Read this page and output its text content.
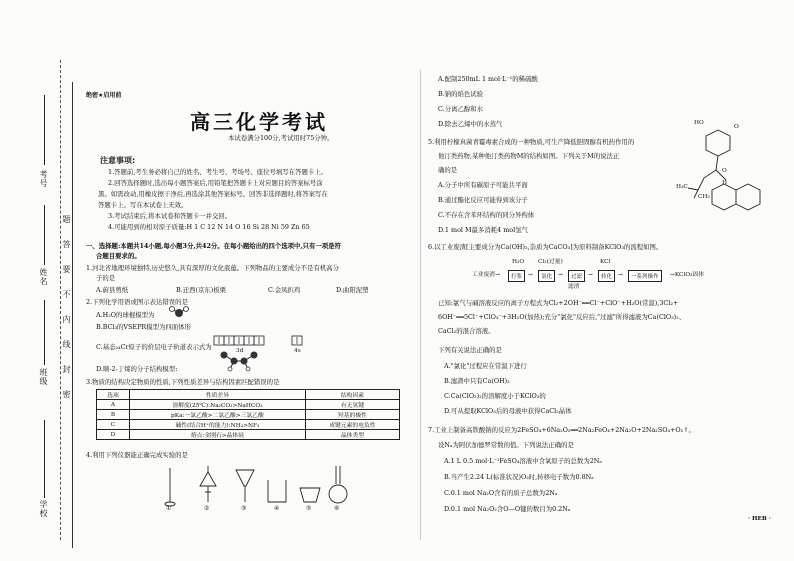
考号
姓名
班级
学校
题
答
要
不
内
线
封
密
绝密★启用前
高三化学考试
本试卷满分100分,考试用时75分钟。
注意事项:
1.答题前,考生务必将自己的姓名、考生号、考场号、座位号填写在答题卡上。
2.回答选择题时,选出每小题答案后,用铅笔把答题卡上对应题目的答案标号涂
黑。如需改动,用橡皮擦干净后,再选涂其他答案标号。回答非选择题时,将答案写在
答题卡上。写在本试卷上无效。
3.考试结束后,将本试卷和答题卡一并交回。
4.可能用到的相对原子质量:H 1 C 12 N 14 O 16 Si 28 Ni 59 Zn 65
一、选择题:本题共14小题,每小题3分,共42分。在每小题给出的四个选项中,只有一项是符
合题目要求的。
1.河北省地理环境独特,历史悠久,具有深厚的文化底蕴。下列物品的主要成分不是有机高分
子的是
A.蔚县剪纸	B.迁西(京东)板栗	C.金凤扒鸡	D.曲阳泥塑
2.下列化学用语或图示表达错误的是
A.H₂O的球棍模型为
B.BCl₃的VSEPR模型为四面体形
C.基态₂₄Cr原子的价层电子轨道表示式为	3d	4s
D.顺-2-丁烯的分子结构模型:
3.物质的结构决定物质的性质,下列性质差异与结构因素匹配错误的是
选项	性质差异	结构因素
A	溶解度(25℃):Na₂CO₃>NaHCO₃	有无氢键
B	pKa:一氯乙酸>二氯乙酸>三氯乙酸	羟基的极性
C	碱性(结合H⁺的能力):NH₃>NF₃	成键元素的电负性
D	熔点:金刚石>晶体硅	晶体类型
4.利用下列仪器能正确完成实验的是
①	②	③	④	⑤	⑥
A.配制250mL 1 mol·L⁻¹的稀硫酸
B.钠的焰色试验
C.分离乙醇和水
D.除去乙烯中的水蒸气
5.利用柠檬真菌青霉毒素合成的一种物质,可生产降低胆固醇有机药作用的
他汀类药物,某种他汀类药物M的结构如图。下列关于M的说法正
确的是
A.分子中所有碳原子可能共平面
B.通过酯化反应可能得到该分子
C.不存在含苯环结构的同分异构体
D.1 mol M最多消耗4 mol氢气
HO
O
O
H₃C
CH₃
H
6.以工业废渣[主要成分为Ca(OH)₂,杂质为CaCO₃]为原料制备KClO₃的流程如图。
工业废渣→	打浆	→	氯化	→	过滤	→	转化	→	一系列操作	→KClO₃固体
H₂O Cl₂(过量)	KCl
滤渣
已知:氯气与碱溶液反应的离子方程式为Cl₂+2OH⁻══Cl⁻+ClO⁻+H₂O(常温),3Cl₂+
6OH⁻══5Cl⁻+ClO₃⁻+3H₂O(加热);充分"氯化"反应后,"过滤"所得滤液为Ca(ClO₃)₂、
CaCl₂的混合溶液。
下列有关说法正确的是
A."氯化"过程应在常温下进行
B.滤渣中只有Ca(OH)₂
C.Ca(ClO₃)₂的溶解度小于KClO₃的
D.可从提取KClO₃后的母液中获得CaCl₂晶体
7.工业上制备高铁酸钠的反应为2FeSO₄+6Na₂O₂══2Na₂FeO₄+2Na₂O+2Na₂SO₄+O₂↑。
设Nₐ为阿伏加德罗常数的值。下列说法正确的是
A.1 L 0.5 mol·L⁻¹FeSO₄溶液中含氧原子的总数为2Nₐ
B.当产生2.24 L(标准状况)O₂时,转移电子数为0.8Nₐ
C.0.1 mol Na₂O含有的质子总数为2Nₐ
D.0.1 mol Na₂O₂含O—O键的数目为0.2Nₐ
· HEB ·
